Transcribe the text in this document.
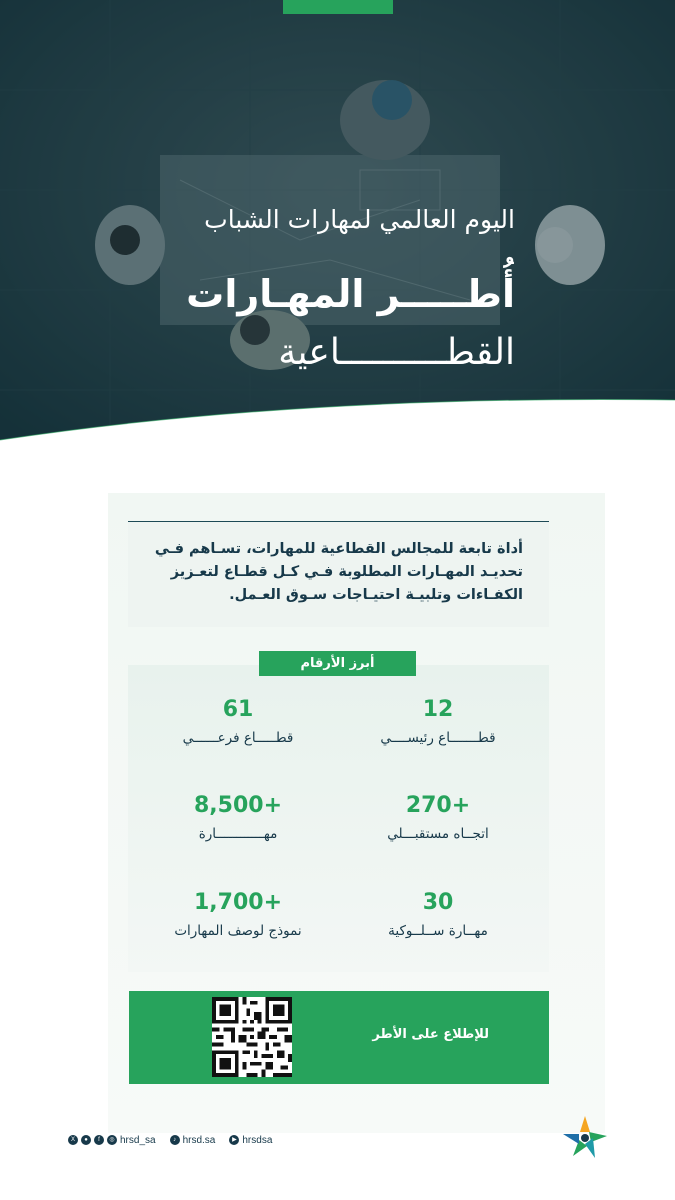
اليوم العالمي لمهارات الشباب
أُطـــــر المهـارات
القطــــــــــاعية
أداة تابعة للمجالس القطاعية للمهارات، تسـاهم فـي تحديـد المهـارات المطلوبة فـي كـل قطـاع لتعـزيز الكفـاءات وتلبيـة احتيـاجات سـوق العـمل.
12
قطـــــــاع رئيســــي
61
قطـــــاع فرعــــــي
270+
اتجــاه مستقبـــلي
8,500+
مهــــــــــــارة
30
مهــارة ســلــوكية
1,700+
نموذج لوصف المهارات
أبرز الأرقام
للإطلاع على الأطر
X	●	f	◎ hrsd_sa	♪ hrsd.sa	▶ hrsdsa
